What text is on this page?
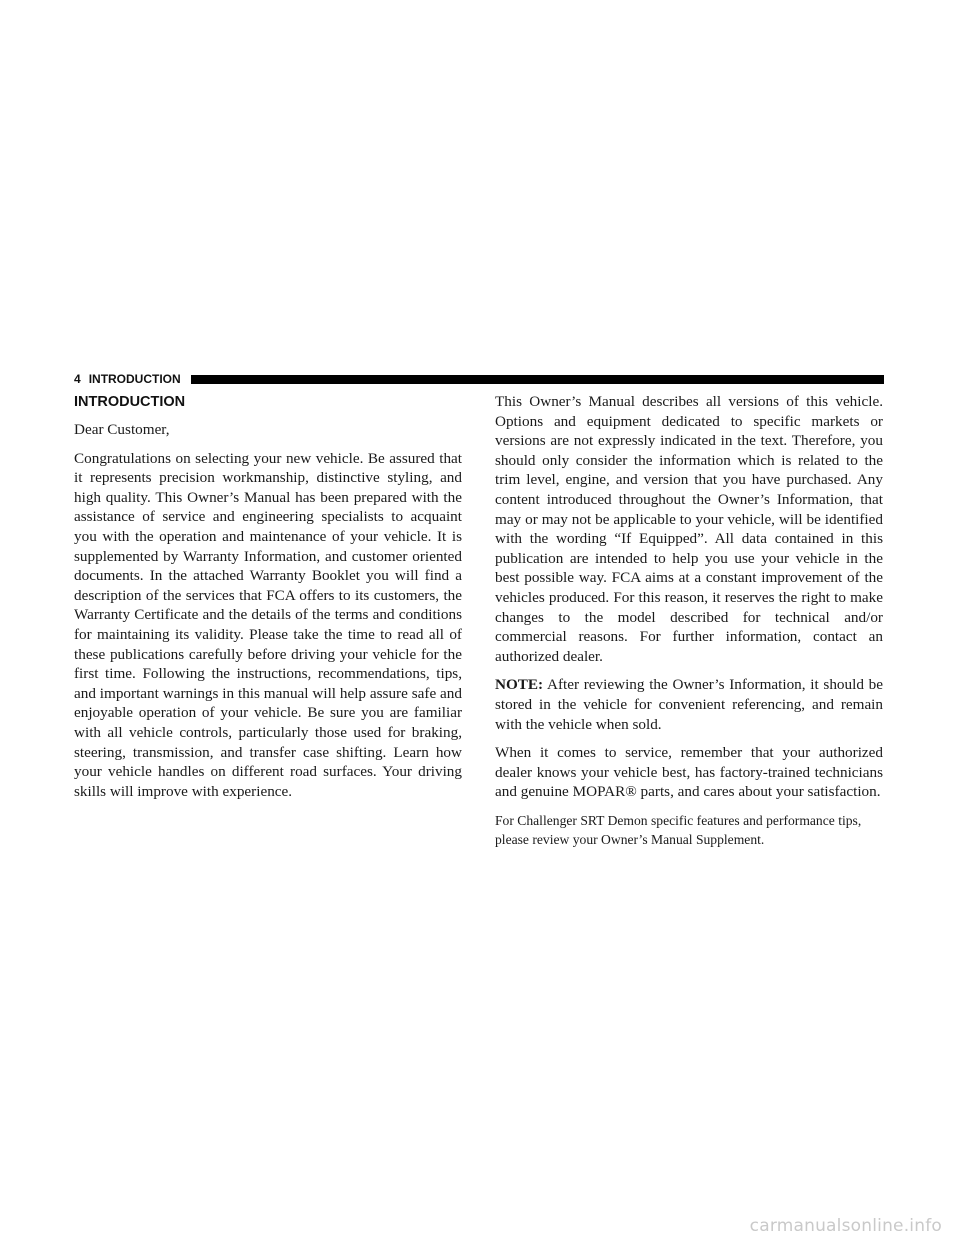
4 INTRODUCTION
INTRODUCTION

Dear Customer,

Congratulations on selecting your new vehicle. Be assured that it represents precision workmanship, distinctive styling, and high quality. This Owner’s Manual has been prepared with the assistance of service and engineering specialists to acquaint you with the operation and maintenance of your vehicle. It is supplemented by Warranty Information, and customer oriented documents. In the attached Warranty Booklet you will find a description of the services that FCA offers to its customers, the Warranty Certificate and the details of the terms and conditions for maintaining its validity. Please take the time to read all of these publications carefully before driving your vehicle for the first time. Following the instructions, recommendations, tips, and important warnings in this manual will help assure safe and enjoyable operation of your vehicle. Be sure you are familiar with all vehicle controls, particularly those used for braking, steering, transmission, and transfer case shifting. Learn how your vehicle handles on different road surfaces. Your driving skills will improve with experience.

This Owner’s Manual describes all versions of this vehicle. Options and equipment dedicated to specific markets or versions are not expressly indicated in the text. Therefore, you should only consider the information which is related to the trim level, engine, and version that you have purchased. Any content introduced throughout the Owner’s Information, that may or may not be applicable to your vehicle, will be identified with the wording “If Equipped”. All data contained in this publication are intended to help you use your vehicle in the best possible way. FCA aims at a constant improvement of the vehicles produced. For this reason, it reserves the right to make changes to the model described for technical and/or commercial reasons. For further information, contact an authorized dealer.

NOTE: After reviewing the Owner’s Information, it should be stored in the vehicle for convenient referencing, and remain with the vehicle when sold.

When it comes to service, remember that your authorized dealer knows your vehicle best, has factory-trained technicians and genuine MOPAR® parts, and cares about your satisfaction.

For Challenger SRT Demon specific features and performance tips, please review your Owner’s Manual Supplement.

carmanualsonline.info
